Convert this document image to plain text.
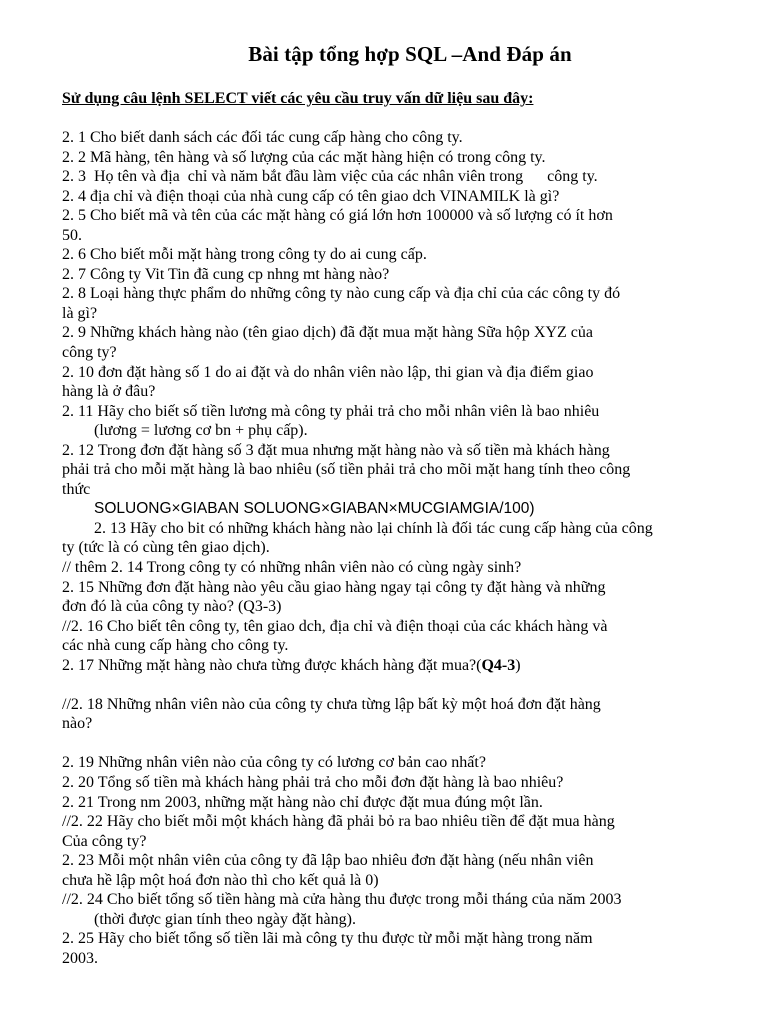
Bài tập tổng hợp SQL –And Đáp án
Sử dụng câu lệnh SELECT viết các yêu cầu truy vấn dữ liệu sau đây:

2. 1 Cho biết danh sách các đối tác cung cấp hàng cho công ty.

2. 2 Mã hàng, tên hàng và số lượng của các mặt hàng hiện có trong công ty.

2. 3  Họ tên và địa  chỉ và năm bắt đầu làm việc của các nhân viên trong      công ty.

2. 4 địa chỉ và điện thoại của nhà cung cấp có tên giao dch VINAMILK là gì?

2. 5 Cho biết mã và tên của các mặt hàng có giá lớn hơn 100000 và số lượng có ít hơn

50.

2. 6 Cho biết mỗi mặt hàng trong công ty do ai cung cấp.

2. 7 Công ty Vit Tin đã cung cp nhng mt hàng nào?

2. 8 Loại hàng thực phẩm do những công ty nào cung cấp và địa chỉ của các công ty đó

là gì?

2. 9 Những khách hàng nào (tên giao dịch) đã đặt mua mặt hàng Sữa hộp XYZ của

công ty?

2. 10 đơn đặt hàng số 1 do ai đặt và do nhân viên nào lập, thi gian và địa điểm giao

hàng là ở đâu?

2. 11 Hãy cho biết số tiền lương mà công ty phải trả cho mỗi nhân viên là bao nhiêu

(lương = lương cơ bn + phụ cấp).

2. 12 Trong đơn đặt hàng số 3 đặt mua nhưng mặt hàng nào và số tiền mà khách hàng

phải trả cho mỗi mặt hàng là bao nhiêu (số tiền phải trả cho mõi mặt hang tính theo công

thức

SOLUONG×GIABAN SOLUONG×GIABAN×MUCGIAMGIA/100)

2. 13 Hãy cho bit có những khách hàng nào lại chính là đối tác cung cấp hàng của công

ty (tức là có cùng tên giao dịch).

// thêm 2. 14 Trong công ty có những nhân viên nào có cùng ngày sinh?

2. 15 Những đơn đặt hàng nào yêu cầu giao hàng ngay tại công ty đặt hàng và những

đơn đó là của công ty nào? (Q3-3)

//2. 16 Cho biết tên công ty, tên giao dch, địa chỉ và điện thoại của các khách hàng và

các nhà cung cấp hàng cho công ty.

2. 17 Những mặt hàng nào chưa từng được khách hàng đặt mua?(Q4-3)

//2. 18 Những nhân viên nào của công ty chưa từng lập bất kỳ một hoá đơn đặt hàng

nào?

2. 19 Những nhân viên nào của công ty có lương cơ bản cao nhất?

2. 20 Tổng số tiền mà khách hàng phải trả cho mỗi đơn đặt hàng là bao nhiêu?

2. 21 Trong nm 2003, những mặt hàng nào chỉ được đặt mua đúng một lần.

//2. 22 Hãy cho biết mỗi một khách hàng đã phải bỏ ra bao nhiêu tiền để đặt mua hàng

Của công ty?

2. 23 Mỗi một nhân viên của công ty đã lập bao nhiêu đơn đặt hàng (nếu nhân viên

chưa hề lập một hoá đơn nào thì cho kết quả là 0)

//2. 24 Cho biết tổng số tiền hàng mà cửa hàng thu được trong mỗi tháng của năm 2003

(thời được gian tính theo ngày đặt hàng).

2. 25 Hãy cho biết tổng số tiền lãi mà công ty thu được từ mỗi mặt hàng trong năm

2003.
